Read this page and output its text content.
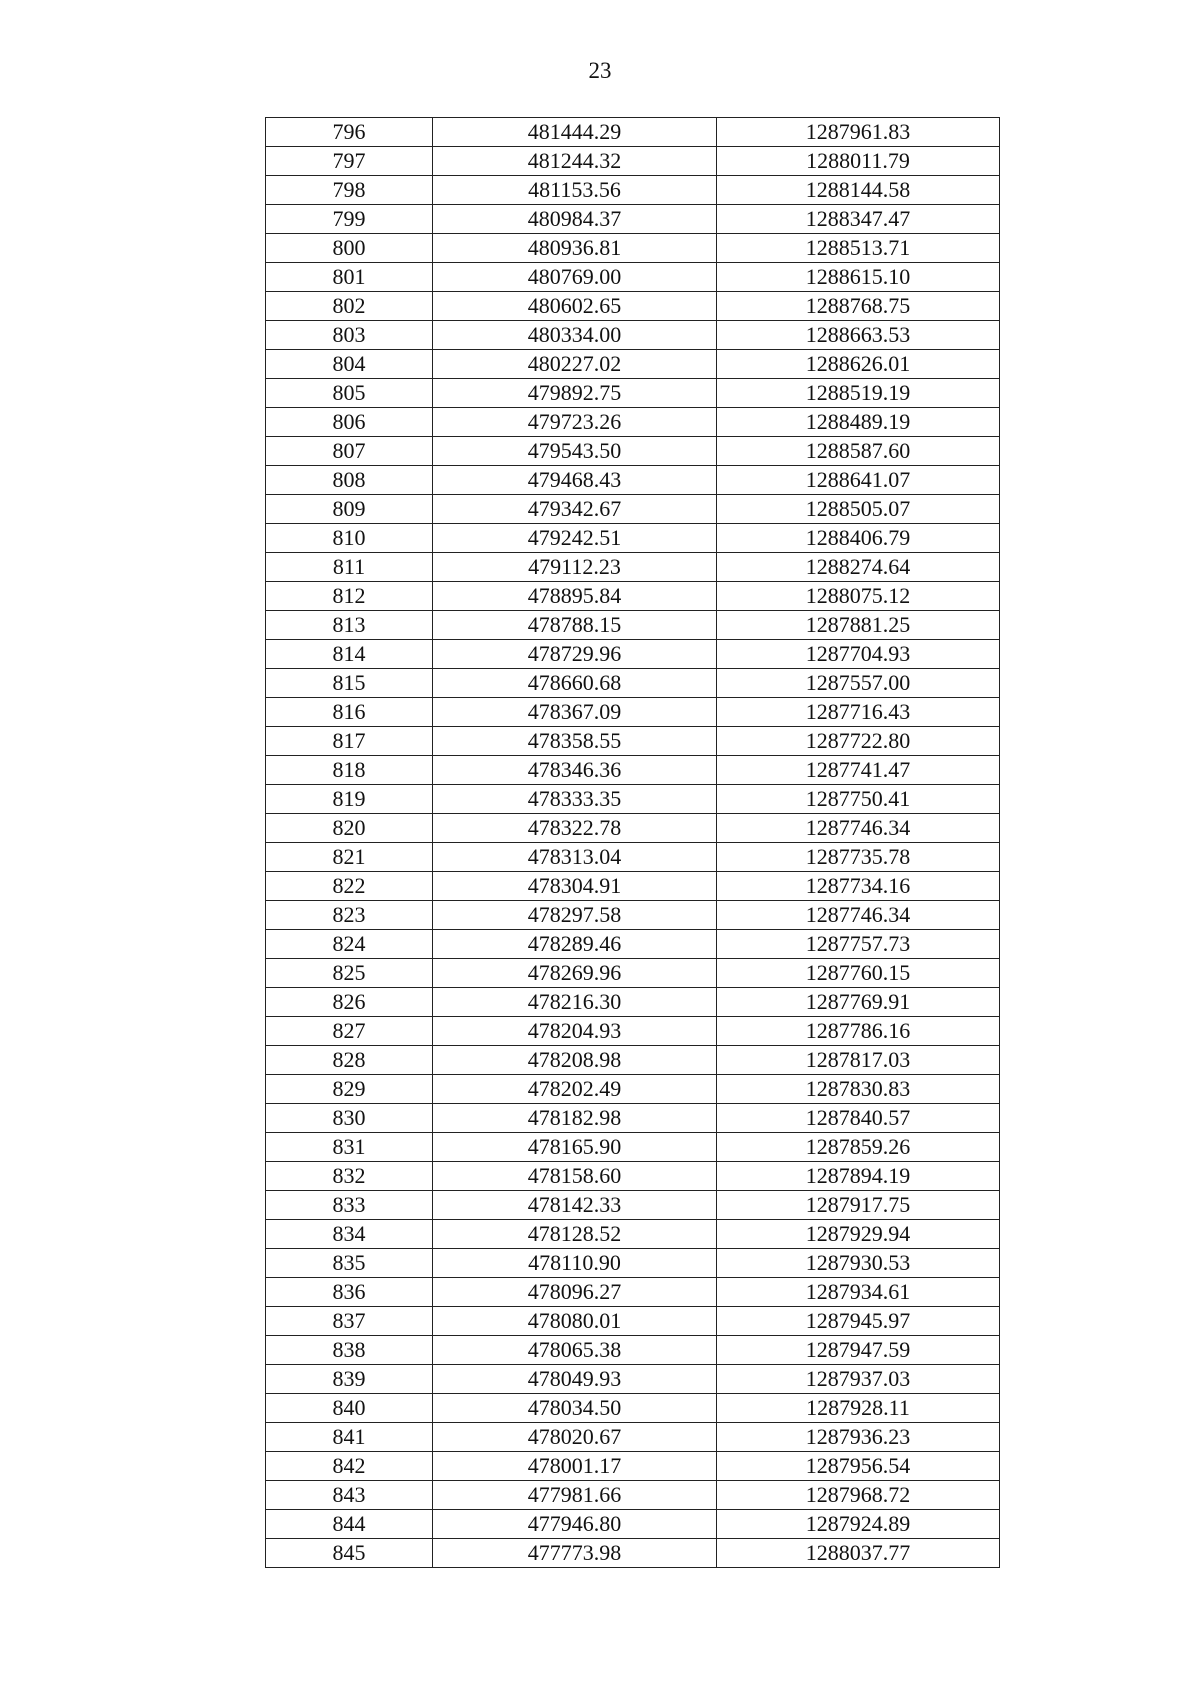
23
796	481444.29	1287961.83
797	481244.32	1288011.79
798	481153.56	1288144.58
799	480984.37	1288347.47
800	480936.81	1288513.71
801	480769.00	1288615.10
802	480602.65	1288768.75
803	480334.00	1288663.53
804	480227.02	1288626.01
805	479892.75	1288519.19
806	479723.26	1288489.19
807	479543.50	1288587.60
808	479468.43	1288641.07
809	479342.67	1288505.07
810	479242.51	1288406.79
811	479112.23	1288274.64
812	478895.84	1288075.12
813	478788.15	1287881.25
814	478729.96	1287704.93
815	478660.68	1287557.00
816	478367.09	1287716.43
817	478358.55	1287722.80
818	478346.36	1287741.47
819	478333.35	1287750.41
820	478322.78	1287746.34
821	478313.04	1287735.78
822	478304.91	1287734.16
823	478297.58	1287746.34
824	478289.46	1287757.73
825	478269.96	1287760.15
826	478216.30	1287769.91
827	478204.93	1287786.16
828	478208.98	1287817.03
829	478202.49	1287830.83
830	478182.98	1287840.57
831	478165.90	1287859.26
832	478158.60	1287894.19
833	478142.33	1287917.75
834	478128.52	1287929.94
835	478110.90	1287930.53
836	478096.27	1287934.61
837	478080.01	1287945.97
838	478065.38	1287947.59
839	478049.93	1287937.03
840	478034.50	1287928.11
841	478020.67	1287936.23
842	478001.17	1287956.54
843	477981.66	1287968.72
844	477946.80	1287924.89
845	477773.98	1288037.77
